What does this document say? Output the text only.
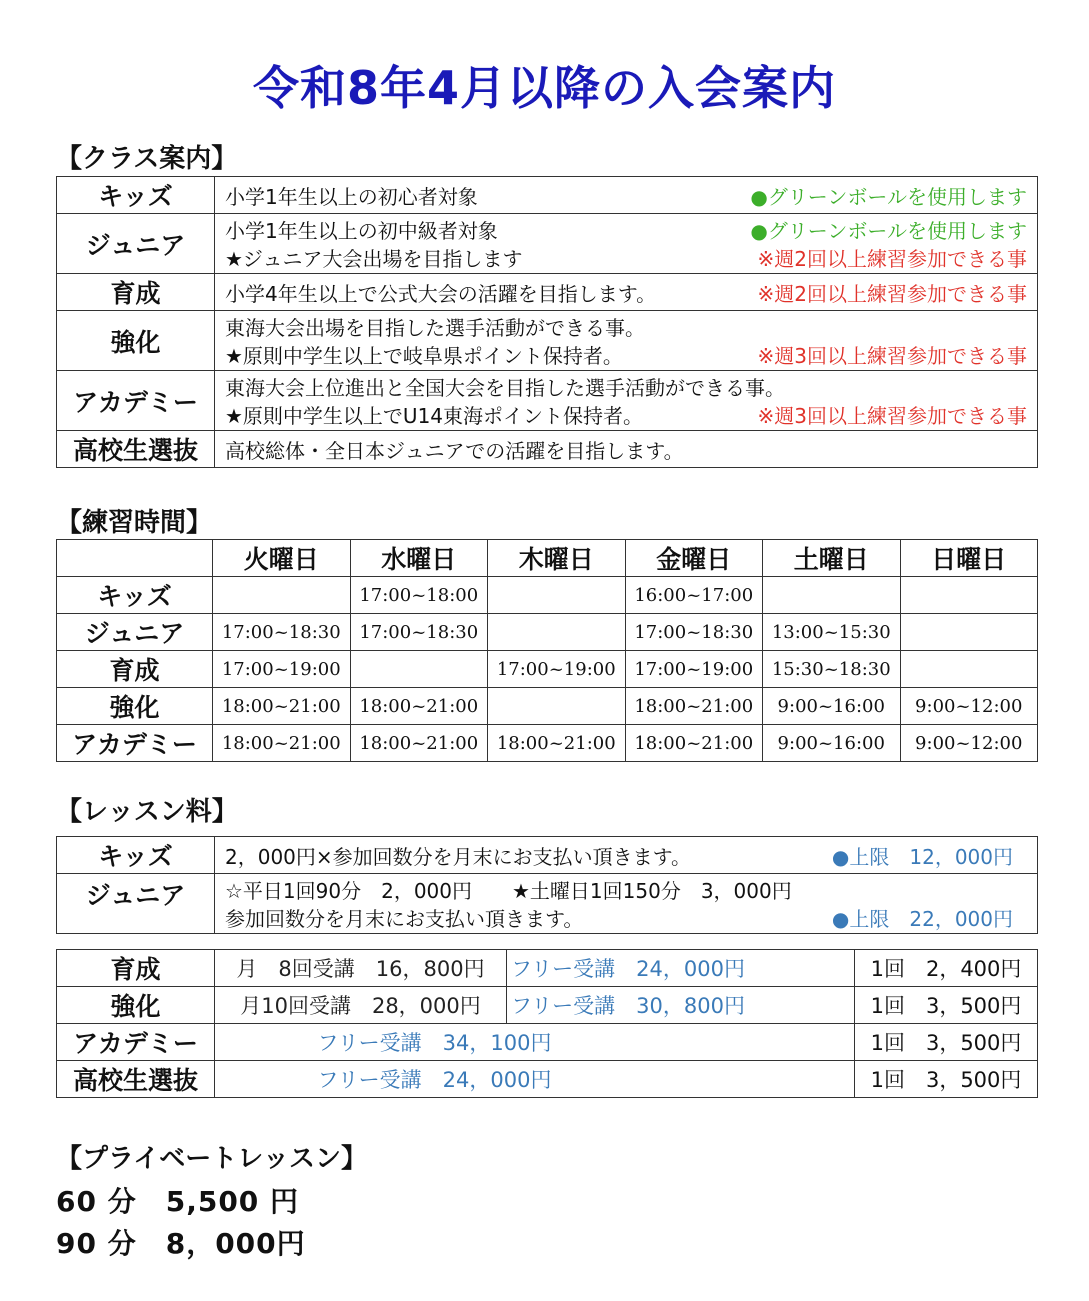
令和8年4月以降の入会案内
【クラス案内】
キッズ	小学1年生以上の初心者対象 ●グリーンボールを使用します

ジュニア	小学1年生以上の初中級者対象 ●グリーンボールを使用します
★ジュニア大会出場を目指します ※週2回以上練習参加できる事

育成	小学4年生以上で公式大会の活躍を目指します。 ※週2回以上練習参加できる事

強化	東海大会出場を目指した選手活動ができる事。
★原則中学生以上で岐阜県ポイント保持者。 ※週3回以上練習参加できる事

アカデミー	東海大会上位進出と全国大会を目指した選手活動ができる事。
★原則中学生以上でU14東海ポイント保持者。 ※週3回以上練習参加できる事

高校生選抜	高校総体・全日本ジュニアでの活躍を目指します。
【練習時間】
	火曜日	水曜日	木曜日	金曜日	土曜日	日曜日
キッズ		17:00~18:00		16:00~17:00		
ジュニア	17:00~18:30	17:00~18:30		17:00~18:30	13:00~15:30	
育成	17:00~19:00		17:00~19:00	17:00~19:00	15:30~18:30	
強化	18:00~21:00	18:00~21:00		18:00~21:00	9:00~16:00	9:00~12:00
アカデミー	18:00~21:00	18:00~21:00	18:00~21:00	18:00~21:00	9:00~16:00	9:00~12:00
【レッスン料】
キッズ	2，000円×参加回数分を月末にお支払い頂きます。 ●上限　12，000円

ジュニア	☆平日1回90分　2，000円　　★土曜日1回150分　3，000円
参加回数分を月末にお支払い頂きます。 ●上限　22，000円
育成	月　8回受講　16，800円	フリー受講　24，000円	1回　2，400円
強化	月10回受講　28，000円	フリー受講　30，800円	1回　3，500円
アカデミー	フリー受講　34，100円		1回　3，500円
高校生選抜	フリー受講　24，000円		1回　3，500円
【プライベートレッスン】
60 分　5,500 円
90 分　8，000円
